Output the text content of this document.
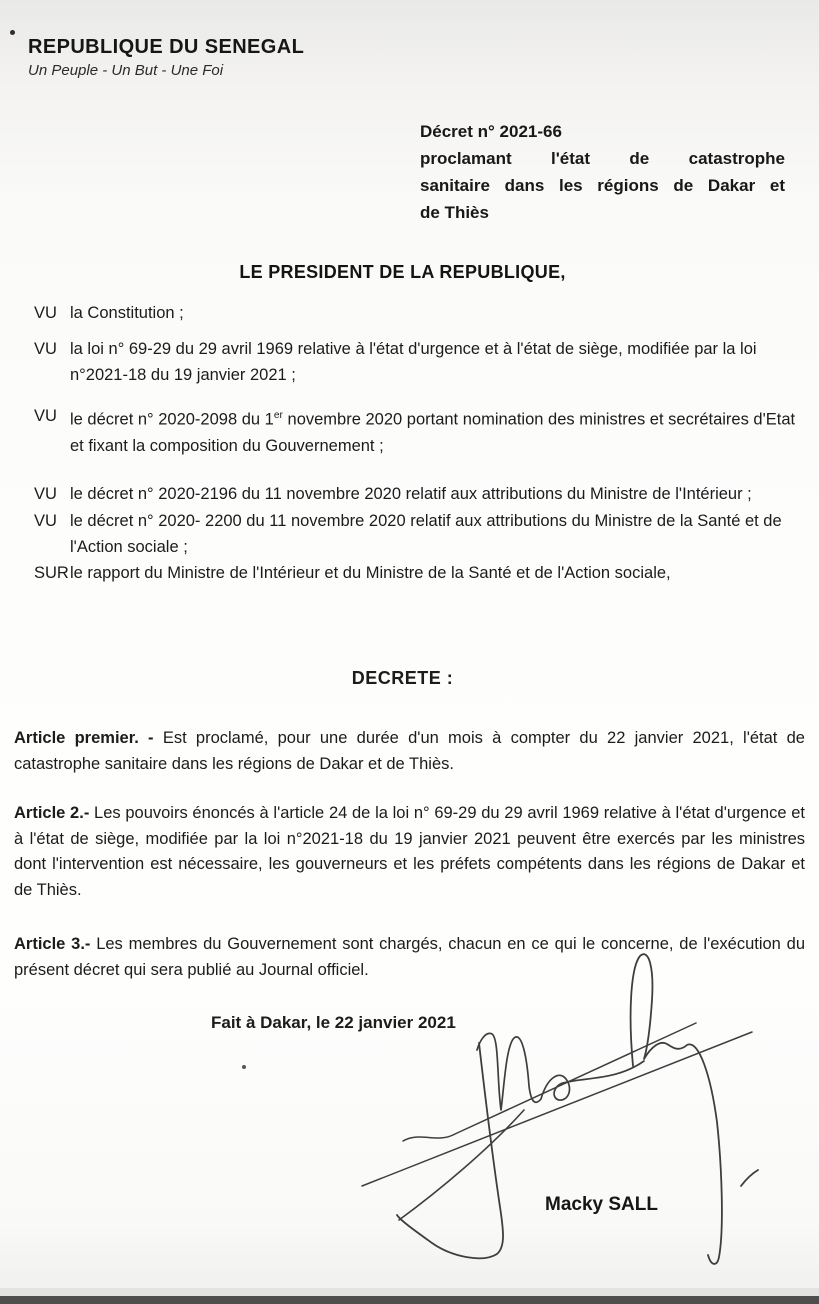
REPUBLIQUE DU SENEGAL
Un Peuple - Un But - Une Foi
Décret n° 2021-66
proclamant l'état de catastrophe
sanitaire dans les régions de Dakar et
de Thiès
LE PRESIDENT DE LA REPUBLIQUE,
VU la Constitution ;
VU la loi n° 69-29 du 29 avril 1969 relative à l'état d'urgence et à l'état de siège, modifiée par la loi n°2021-18 du 19 janvier 2021 ;
VU le décret n° 2020-2098 du 1er novembre 2020 portant nomination des ministres et secrétaires d'Etat et fixant la composition du Gouvernement ;
VU le décret n° 2020-2196 du 11 novembre 2020 relatif aux attributions du Ministre de l'Intérieur ;
VU le décret n° 2020- 2200 du 11 novembre 2020 relatif aux attributions du Ministre de la Santé et de l'Action sociale ;
SUR le rapport du Ministre de l'Intérieur et du Ministre de la Santé et de l'Action sociale,
DECRETE :

Article premier. - Est proclamé, pour une durée d'un mois à compter du 22 janvier 2021, l'état de catastrophe sanitaire dans les régions de Dakar et de Thiès.

Article 2.- Les pouvoirs énoncés à l'article 24 de la loi n° 69-29 du 29 avril 1969 relative à l'état d'urgence et à l'état de siège, modifiée par la loi n°2021-18 du 19 janvier 2021 peuvent être exercés par les ministres dont l'intervention est nécessaire, les gouverneurs et les préfets compétents dans les régions de Dakar et de Thiès.

Article 3.- Les membres du Gouvernement sont chargés, chacun en ce qui le concerne, de l'exécution du présent décret qui sera publié au Journal officiel.

Fait à Dakar, le 22 janvier 2021
Macky SALL
